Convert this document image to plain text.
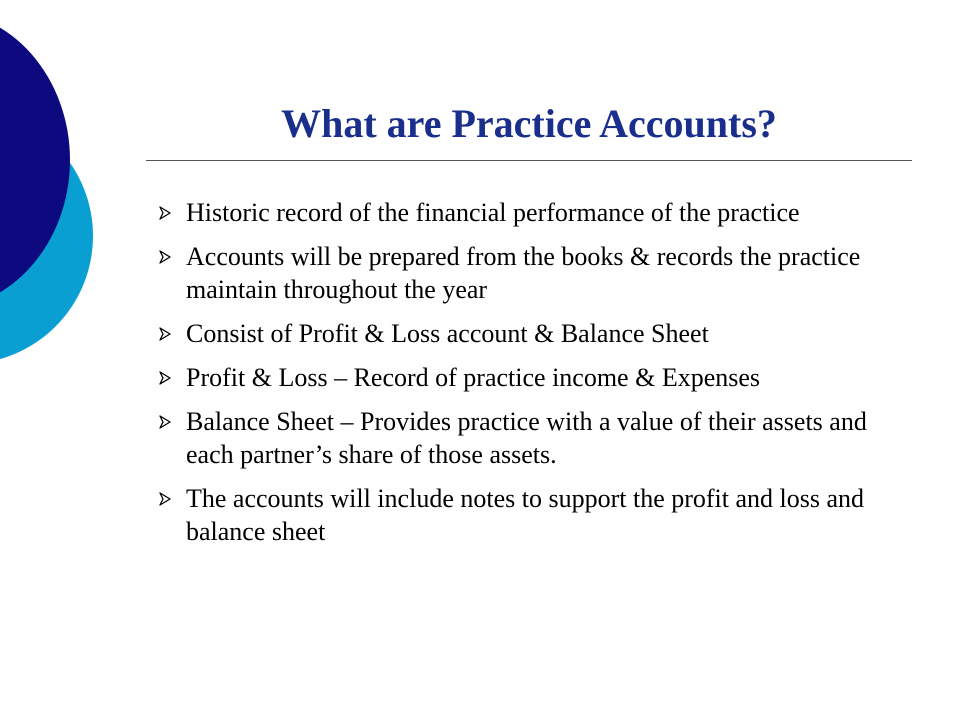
What are Practice Accounts?
Historic record of the financial performance of the practice
Accounts will be prepared from the books & records the practice maintain throughout the year
Consist of Profit & Loss account & Balance Sheet
Profit & Loss – Record of practice income & Expenses
Balance Sheet – Provides practice with a value of their assets and each partner’s share of those assets.
The accounts will include notes to support the profit and loss and balance sheet
